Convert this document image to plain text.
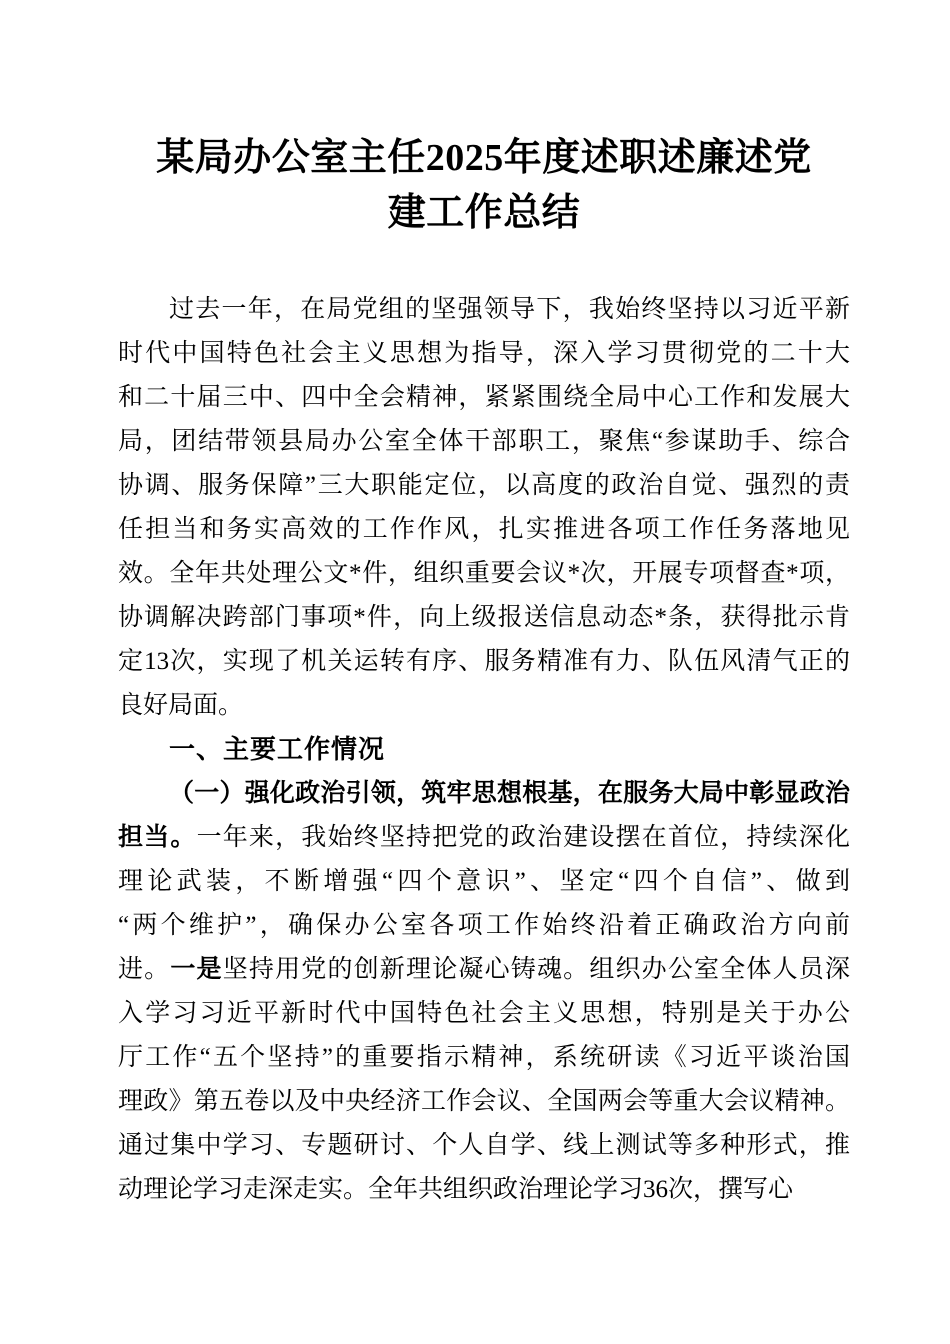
某局办公室主任2025年度述职述廉述党
建工作总结
过去一年，在局党组的坚强领导下，我始终坚持以习近平新
时代中国特色社会主义思想为指导，深入学习贯彻党的二十大
和二十届三中、四中全会精神，紧紧围绕全局中心工作和发展大
局，团结带领县局办公室全体干部职工，聚焦“参谋助手、综合
协调、服务保障”三大职能定位，以高度的政治自觉、强烈的责
任担当和务实高效的工作作风，扎实推进各项工作任务落地见
效。全年共处理公文*件，组织重要会议*次，开展专项督查*项，
协调解决跨部门事项*件，向上级报送信息动态*条，获得批示肯
定13次，实现了机关运转有序、服务精准有力、队伍风清气正的
良好局面。
一、主要工作情况
（一）强化政治引领，筑牢思想根基，在服务大局中彰显政治
担当。一年来，我始终坚持把党的政治建设摆在首位，持续深化
理论武装，不断增强“四个意识”、坚定“四个自信”、做到
“两个维护”，确保办公室各项工作始终沿着正确政治方向前
进。一是坚持用党的创新理论凝心铸魂。组织办公室全体人员深
入学习习近平新时代中国特色社会主义思想，特别是关于办公
厅工作“五个坚持”的重要指示精神，系统研读《习近平谈治国
理政》第五卷以及中央经济工作会议、全国两会等重大会议精神。
通过集中学习、专题研讨、个人自学、线上测试等多种形式，推
动理论学习走深走实。全年共组织政治理论学习36次，撰写心
